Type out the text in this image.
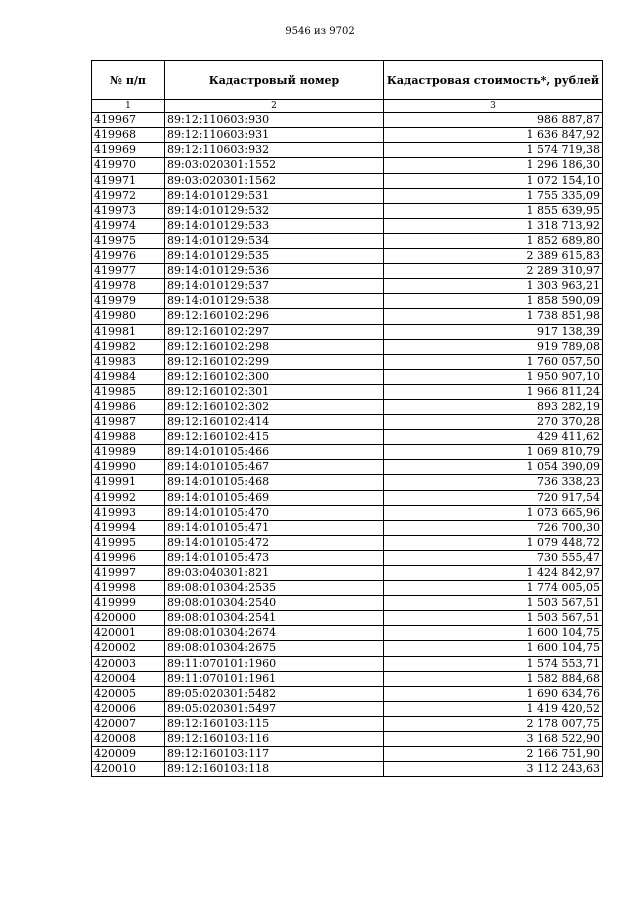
9546 из 9702
№ п/п	Кадастровый номер	Кадастровая стоимость*, рублей
1	2	3
419967	89:12:110603:930	986 887,87
419968	89:12:110603:931	1 636 847,92
419969	89:12:110603:932	1 574 719,38
419970	89:03:020301:1552	1 296 186,30
419971	89:03:020301:1562	1 072 154,10
419972	89:14:010129:531	1 755 335,09
419973	89:14:010129:532	1 855 639,95
419974	89:14:010129:533	1 318 713,92
419975	89:14:010129:534	1 852 689,80
419976	89:14:010129:535	2 389 615,83
419977	89:14:010129:536	2 289 310,97
419978	89:14:010129:537	1 303 963,21
419979	89:14:010129:538	1 858 590,09
419980	89:12:160102:296	1 738 851,98
419981	89:12:160102:297	917 138,39
419982	89:12:160102:298	919 789,08
419983	89:12:160102:299	1 760 057,50
419984	89:12:160102:300	1 950 907,10
419985	89:12:160102:301	1 966 811,24
419986	89:12:160102:302	893 282,19
419987	89:12:160102:414	270 370,28
419988	89:12:160102:415	429 411,62
419989	89:14:010105:466	1 069 810,79
419990	89:14:010105:467	1 054 390,09
419991	89:14:010105:468	736 338,23
419992	89:14:010105:469	720 917,54
419993	89:14:010105:470	1 073 665,96
419994	89:14:010105:471	726 700,30
419995	89:14:010105:472	1 079 448,72
419996	89:14:010105:473	730 555,47
419997	89:03:040301:821	1 424 842,97
419998	89:08:010304:2535	1 774 005,05
419999	89:08:010304:2540	1 503 567,51
420000	89:08:010304:2541	1 503 567,51
420001	89:08:010304:2674	1 600 104,75
420002	89:08:010304:2675	1 600 104,75
420003	89:11:070101:1960	1 574 553,71
420004	89:11:070101:1961	1 582 884,68
420005	89:05:020301:5482	1 690 634,76
420006	89:05:020301:5497	1 419 420,52
420007	89:12:160103:115	2 178 007,75
420008	89:12:160103:116	3 168 522,90
420009	89:12:160103:117	2 166 751,90
420010	89:12:160103:118	3 112 243,63
